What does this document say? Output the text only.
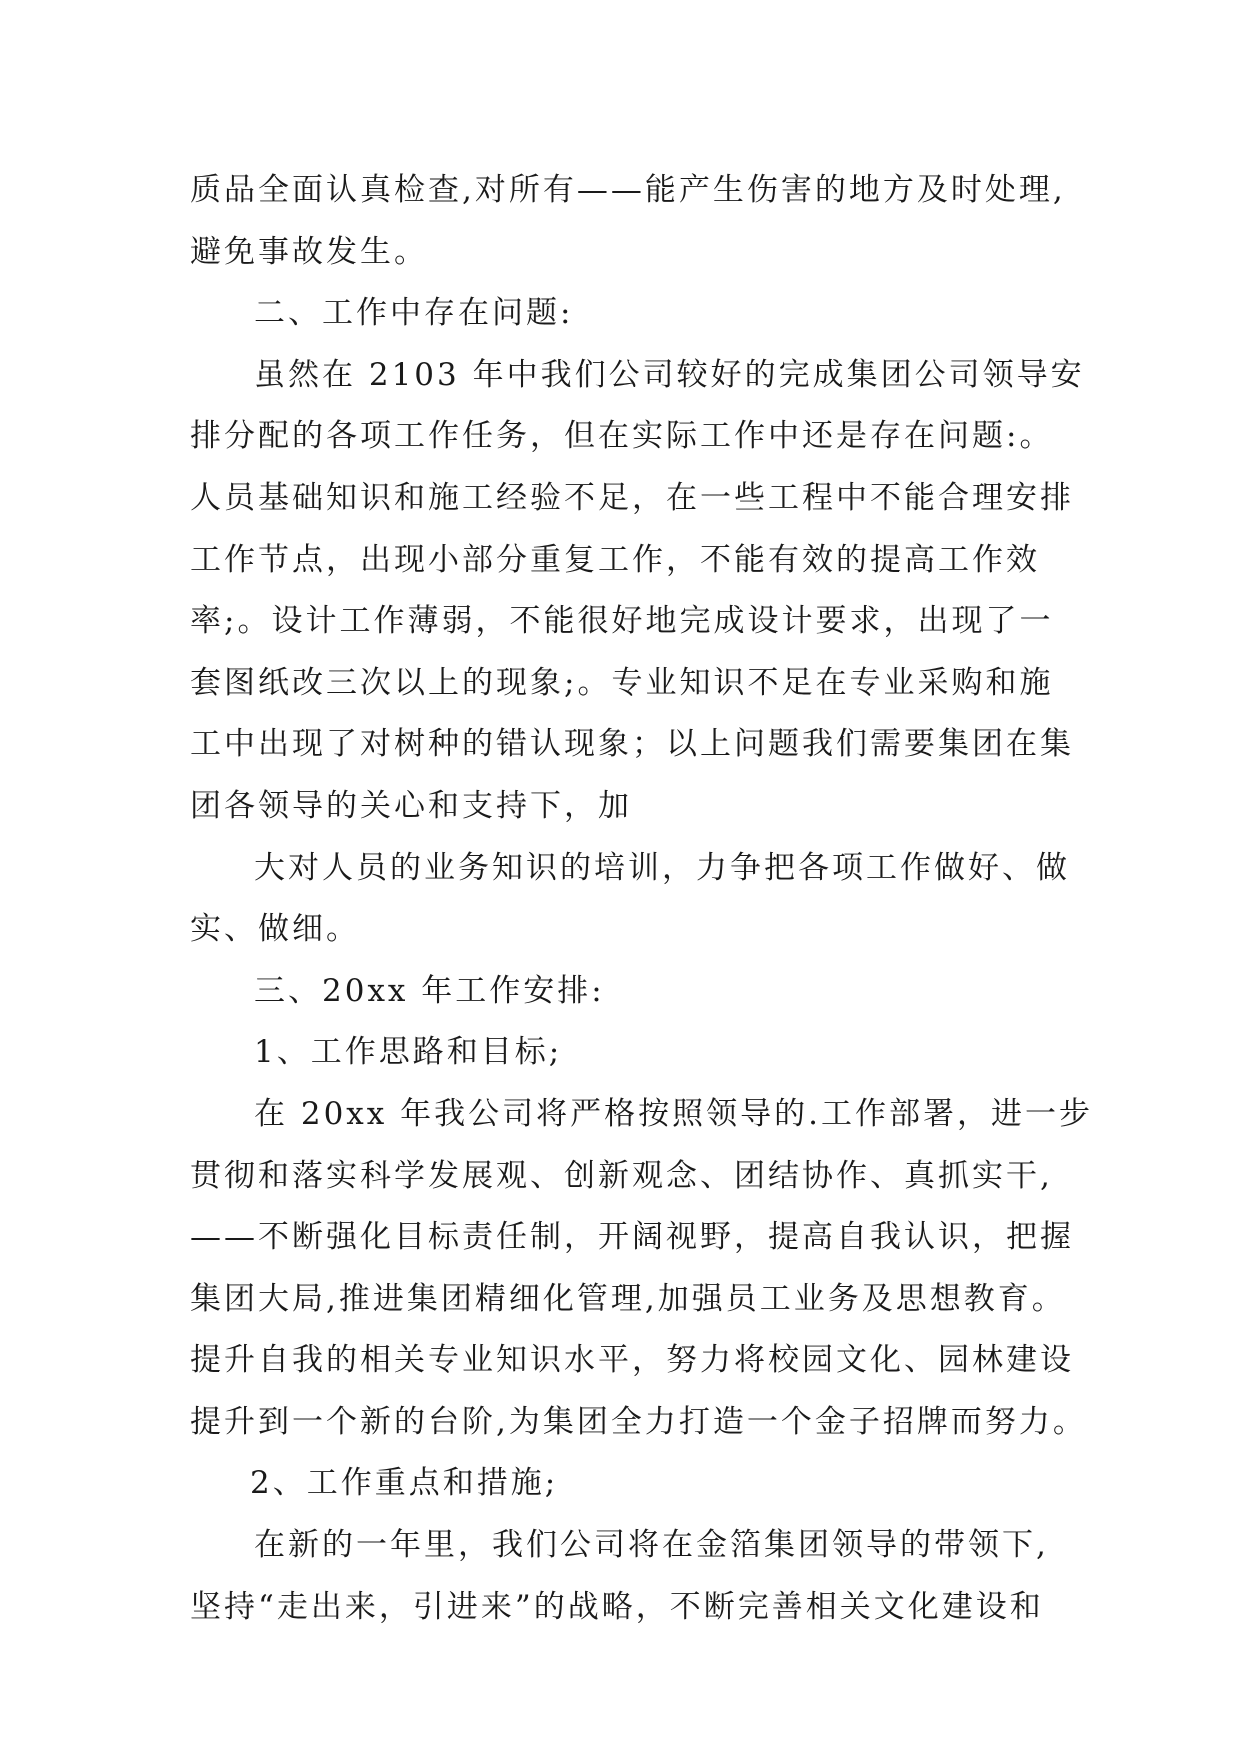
质品全面认真检查,对所有——能产生伤害的地方及时处理,
避免事故发生。
二、工作中存在问题:
虽然在 2103 年中我们公司较好的完成集团公司领导安
排分配的各项工作任务，但在实际工作中还是存在问题:。
人员基础知识和施工经验不足，在一些工程中不能合理安排
工作节点，出现小部分重复工作，不能有效的提高工作效
率;。设计工作薄弱，不能很好地完成设计要求，出现了一
套图纸改三次以上的现象;。专业知识不足在专业采购和施
工中出现了对树种的错认现象；以上问题我们需要集团在集
团各领导的关心和支持下，加
大对人员的业务知识的培训，力争把各项工作做好、做
实、做细。
三、20xx 年工作安排:
1、工作思路和目标;
在 20xx 年我公司将严格按照领导的.工作部署，进一步
贯彻和落实科学发展观、创新观念、团结协作、真抓实干,
——不断强化目标责任制，开阔视野，提高自我认识，把握
集团大局,推进集团精细化管理,加强员工业务及思想教育。
提升自我的相关专业知识水平，努力将校园文化、园林建设
提升到一个新的台阶,为集团全力打造一个金子招牌而努力。
2、工作重点和措施;
在新的一年里，我们公司将在金箔集团领导的带领下,
坚持“走出来，引进来”的战略，不断完善相关文化建设和
